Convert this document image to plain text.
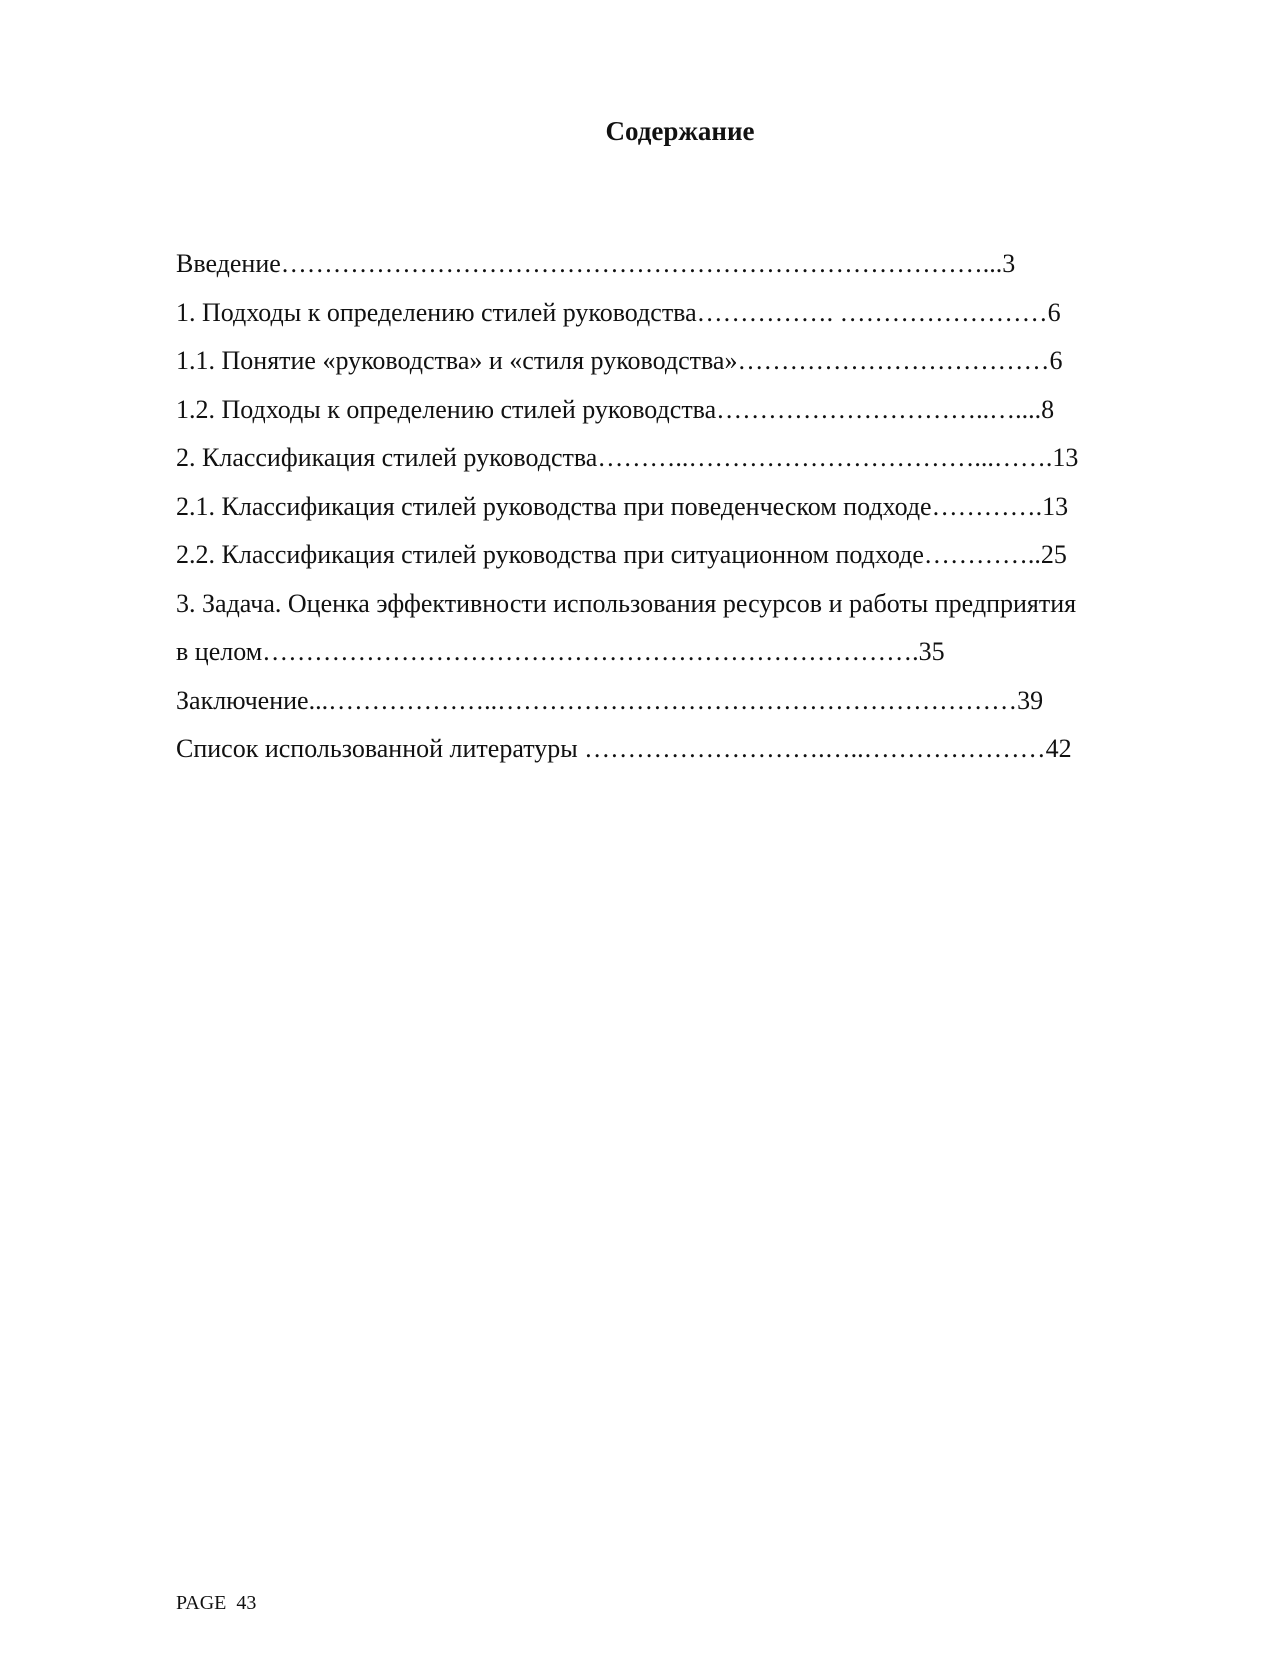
Содержание
Введение………………………………………………………………………...3
1. Подходы к определению стилей руководства……………. ……………………6
1.1. Понятие «руководства» и «стиля руководства»………………………………6
1.2. Подходы к определению стилей руководства…………………………..…....8
2. Классификация стилей руководства………..……………………………...…….13
2.1. Классификация стилей руководства при поведенческом подходе………….13
2.2. Классификация стилей руководства при ситуационном подходе…………..25
3. Задача. Оценка эффективности использования ресурсов и работы предприятия
в целом………………………………………………………………….35
Заключение...………………..……………………………………………………39
Список использованной литературы ……………………….…..…………………42
PAGE  43
